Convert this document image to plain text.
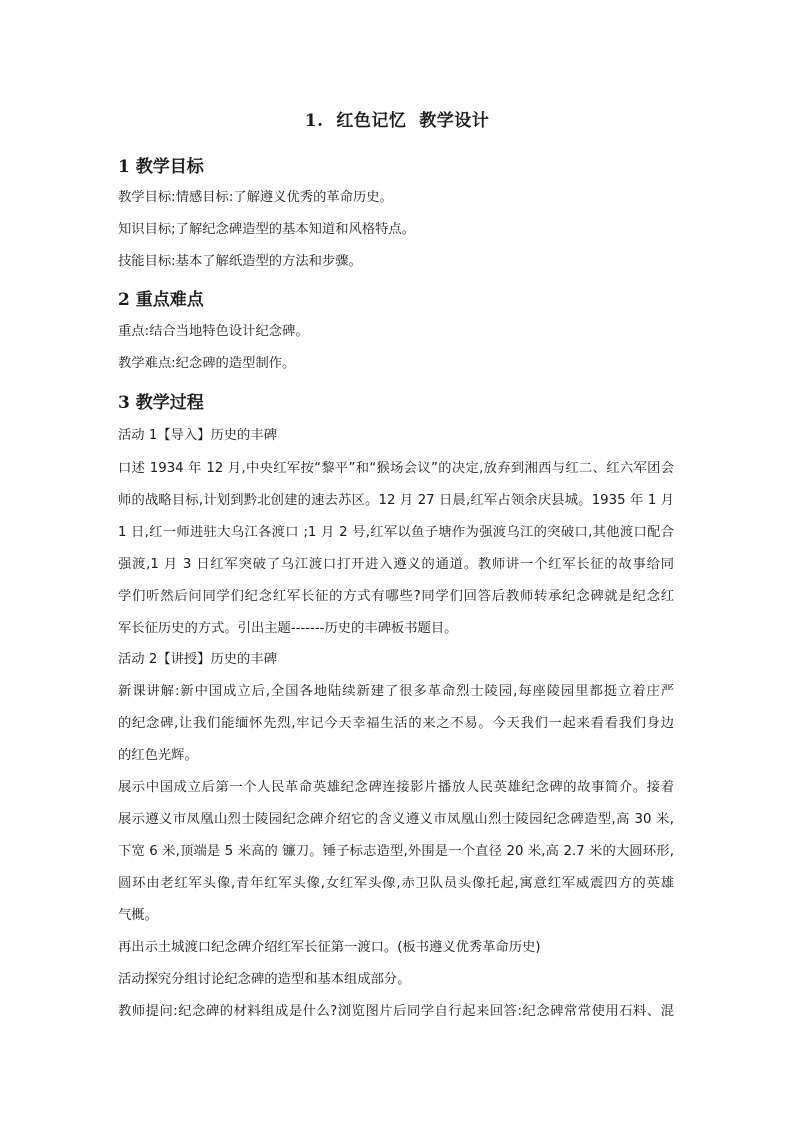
1.  红色记忆  教学设计
1 教学目标
教学目标:情感目标:了解遵义优秀的革命历史。
知识目标;了解纪念碑造型的基本知道和风格特点。
技能目标:基本了解纸造型的方法和步骤。
2 重点难点
重点:结合当地特色设计纪念碑。
教学难点:纪念碑的造型制作。
3 教学过程
活动 1【导入】历史的丰碑
口述 1934 年 12 月,中央红军按“黎平”和“猴场会议”的决定,放弃到湘西与红二、红六军团会
师的战略目标,计划到黔北创建的速去苏区。12 月 27 日晨,红军占领余庆县城。1935 年 1 月
1 日,红一师进驻大乌江各渡口 ;1 月 2 号,红军以鱼子塘作为强渡乌江的突破口,其他渡口配合
强渡,1 月 3 日红军突破了乌江渡口打开进入遵义的通道。教师讲一个红军长征的故事给同
学们听然后问同学们纪念红军长征的方式有哪些?同学们回答后教师转承纪念碑就是纪念红
军长征历史的方式。引出主题-------历史的丰碑板书题目。
活动 2【讲授】历史的丰碑
新课讲解:新中国成立后,全国各地陆续新建了很多革命烈士陵园,每座陵园里都挺立着庄严
的纪念碑,让我们能缅怀先烈,牢记今天幸福生活的来之不易。今天我们一起来看看我们身边
的红色光辉。
展示中国成立后第一个人民革命英雄纪念碑连接影片播放人民英雄纪念碑的故事简介。接着
展示遵义市凤凰山烈士陵园纪念碑介绍它的含义遵义市凤凰山烈士陵园纪念碑造型,高 30 米,
下宽 6 米,顶端是 5 米高的 镰刀。锤子标志造型,外围是一个直径 20 米,高 2.7 米的大圆环形,
圆环由老红军头像,青年红军头像,女红军头像,赤卫队员头像托起,寓意红军威震四方的英雄
气概。
再出示土城渡口纪念碑介绍红军长征第一渡口。(板书遵义优秀革命历史)
活动探究分组讨论纪念碑的造型和基本组成部分。
教师提问:纪念碑的材料组成是什么?浏览图片后同学自行起来回答:纪念碑常常使用石料、混
